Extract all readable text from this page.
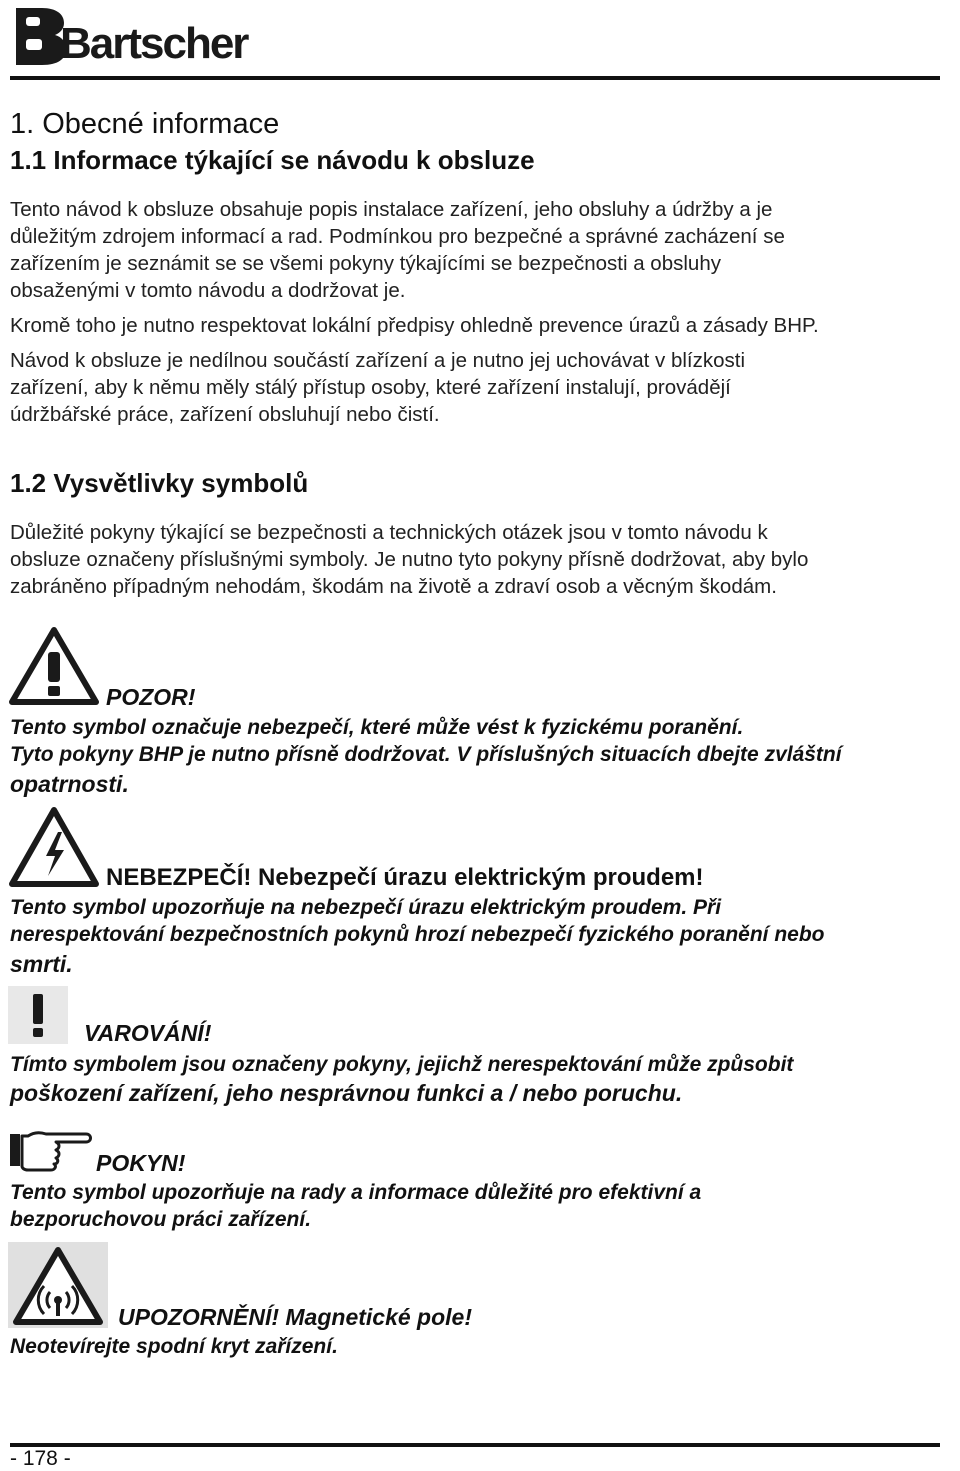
Bartscher
1. Obecné informace
1.1 Informace týkající se návodu k obsluze
Tento návod k obsluze obsahuje popis instalace zařízení, jeho obsluhy a údržby a je
důležitým zdrojem informací a rad. Podmínkou pro bezpečné a správné zacházení se
zařízením je seznámit se se všemi pokyny týkajícími se bezpečnosti a obsluhy
obsaženými v tomto návodu a dodržovat je.
Kromě toho je nutno respektovat lokální předpisy ohledně prevence úrazů a zásady BHP.
Návod k obsluze je nedílnou součástí zařízení a je nutno jej uchovávat v blízkosti
zařízení, aby k němu měly stálý přístup osoby, které zařízení instalují, provádějí
údržbářské práce, zařízení obsluhují nebo čistí.
1.2 Vysvětlivky symbolů
Důležité pokyny týkající se bezpečnosti a technických otázek jsou v tomto návodu k
obsluze označeny příslušnými symboly. Je nutno tyto pokyny přísně dodržovat, aby bylo
zabráněno případným nehodám, škodám na životě a zdraví osob a věcným škodám.
POZOR!
Tento symbol označuje nebezpečí, které může vést k fyzickému poranění.
Tyto pokyny BHP je nutno přísně dodržovat. V příslušných situacích dbejte zvláštní
opatrnosti.
NEBEZPEČÍ! Nebezpečí úrazu elektrickým proudem!
Tento symbol upozorňuje na nebezpečí úrazu elektrickým proudem. Při
nerespektování bezpečnostních pokynů hrozí nebezpečí fyzického poranění nebo
smrti.
VAROVÁNÍ!
Tímto symbolem jsou označeny pokyny, jejichž nerespektování může způsobit
poškození zařízení, jeho nesprávnou funkci a / nebo poruchu.
POKYN!
Tento symbol upozorňuje na rady a informace důležité pro efektivní a
bezporuchovou práci zařízení.
UPOZORNĚNÍ! Magnetické pole!
Neotevírejte spodní kryt zařízení.
- 178 -
